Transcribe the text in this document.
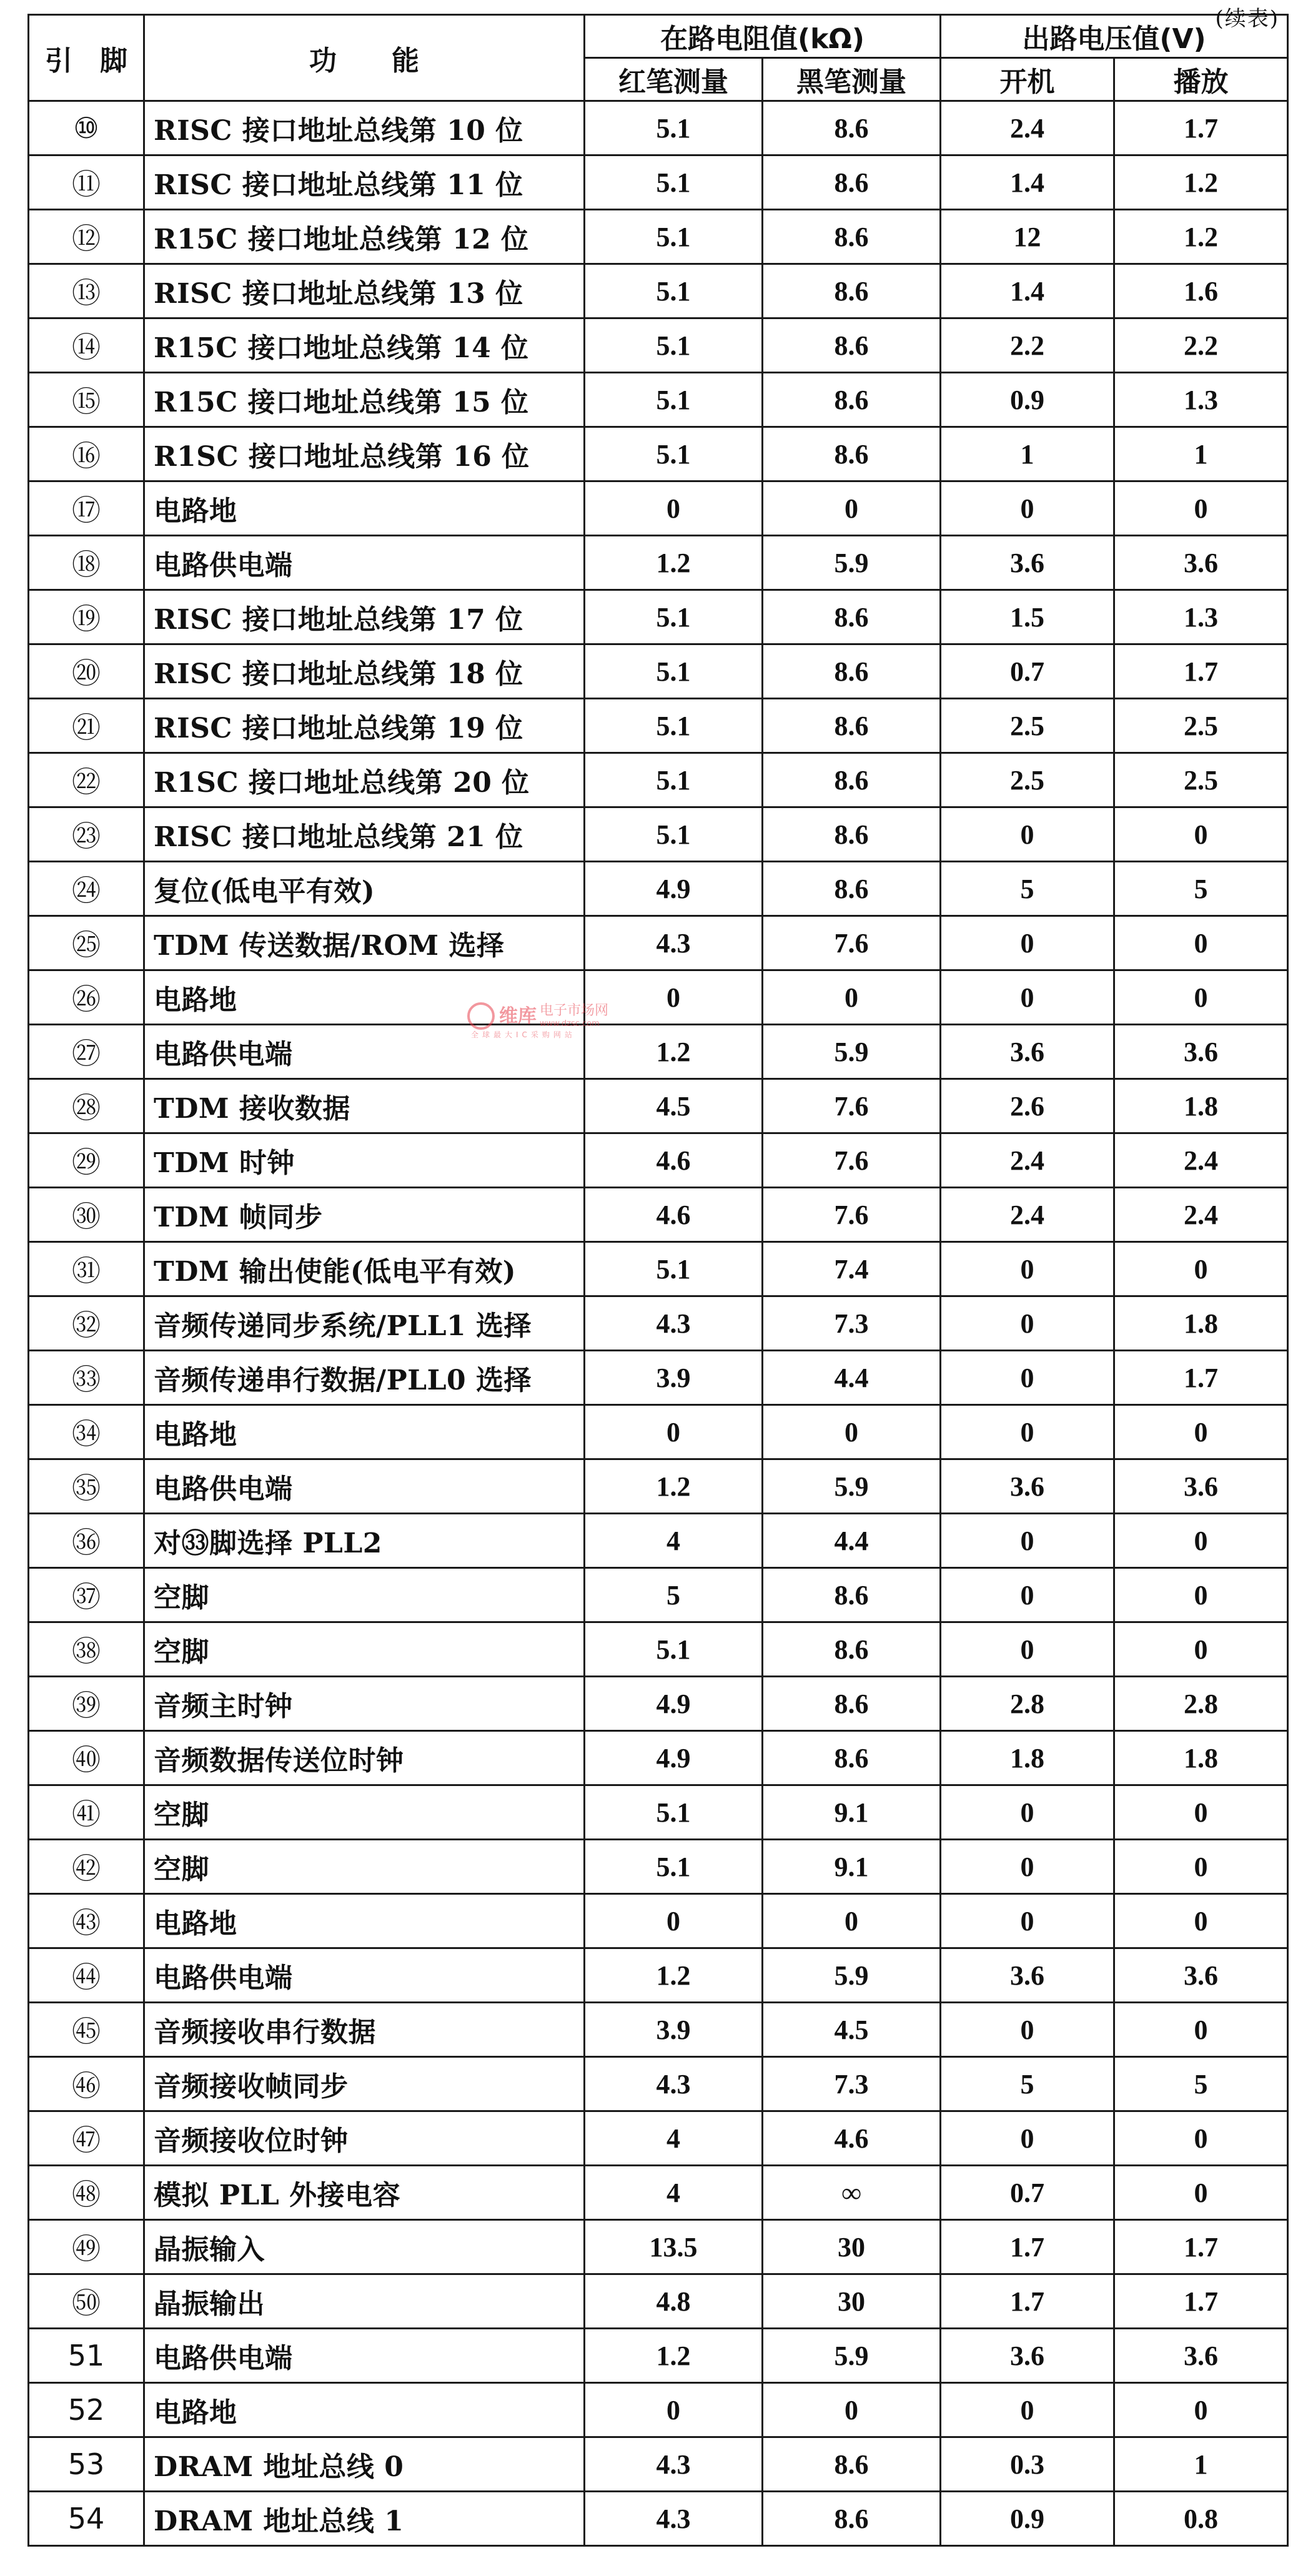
(续表)
引　脚	功　　能	在路电阻值(kΩ)		出路电压值(V)	
		红笔测量	黑笔测量	开机	播放
⑩	RISC 接口地址总线第 10 位	5.1	8.6	2.4	1.7
⑪	RISC 接口地址总线第 11 位	5.1	8.6	1.4	1.2
⑫	R15C 接口地址总线第 12 位	5.1	8.6	12	1.2
⑬	RISC 接口地址总线第 13 位	5.1	8.6	1.4	1.6
⑭	R15C 接口地址总线第 14 位	5.1	8.6	2.2	2.2
⑮	R15C 接口地址总线第 15 位	5.1	8.6	0.9	1.3
⑯	R1SC 接口地址总线第 16 位	5.1	8.6	1	1
⑰	电路地	0	0	0	0
⑱	电路供电端	1.2	5.9	3.6	3.6
⑲	RISC 接口地址总线第 17 位	5.1	8.6	1.5	1.3
⑳	RISC 接口地址总线第 18 位	5.1	8.6	0.7	1.7
㉑	RISC 接口地址总线第 19 位	5.1	8.6	2.5	2.5
㉒	R1SC 接口地址总线第 20 位	5.1	8.6	2.5	2.5
㉓	RISC 接口地址总线第 21 位	5.1	8.6	0	0
㉔	复位(低电平有效)	4.9	8.6	5	5
㉕	TDM 传送数据/ROM 选择	4.3	7.6	0	0
㉖	电路地	0	0	0	0
㉗	电路供电端	1.2	5.9	3.6	3.6
㉘	TDM 接收数据	4.5	7.6	2.6	1.8
㉙	TDM 时钟	4.6	7.6	2.4	2.4
㉚	TDM 帧同步	4.6	7.6	2.4	2.4
㉛	TDM 输出使能(低电平有效)	5.1	7.4	0	0
㉜	音频传递同步系统/PLL1 选择	4.3	7.3	0	1.8
㉝	音频传递串行数据/PLL0 选择	3.9	4.4	0	1.7
㉞	电路地	0	0	0	0
㉟	电路供电端	1.2	5.9	3.6	3.6
㊱	对㉝脚选择 PLL2	4	4.4	0	0
㊲	空脚	5	8.6	0	0
㊳	空脚	5.1	8.6	0	0
㊴	音频主时钟	4.9	8.6	2.8	2.8
㊵	音频数据传送位时钟	4.9	8.6	1.8	1.8
㊶	空脚	5.1	9.1	0	0
㊷	空脚	5.1	9.1	0	0
㊸	电路地	0	0	0	0
㊹	电路供电端	1.2	5.9	3.6	3.6
㊺	音频接收串行数据	3.9	4.5	0	0
㊻	音频接收帧同步	4.3	7.3	5	5
㊼	音频接收位时钟	4	4.6	0	0
㊽	模拟 PLL 外接电容	4	∞	0.7	0
㊾	晶振输入	13.5	30	1.7	1.7
㊿	晶振输出	4.8	30	1.7	1.7
51	电路供电端	1.2	5.9	3.6	3.6
52	电路地	0	0	0	0
53	DRAM 地址总线 0	4.3	8.6	0.3	1
54	DRAM 地址总线 1	4.3	8.6	0.9	0.8
维库 电子市场网
www.dzsc.com
全球最大IC采购网站
